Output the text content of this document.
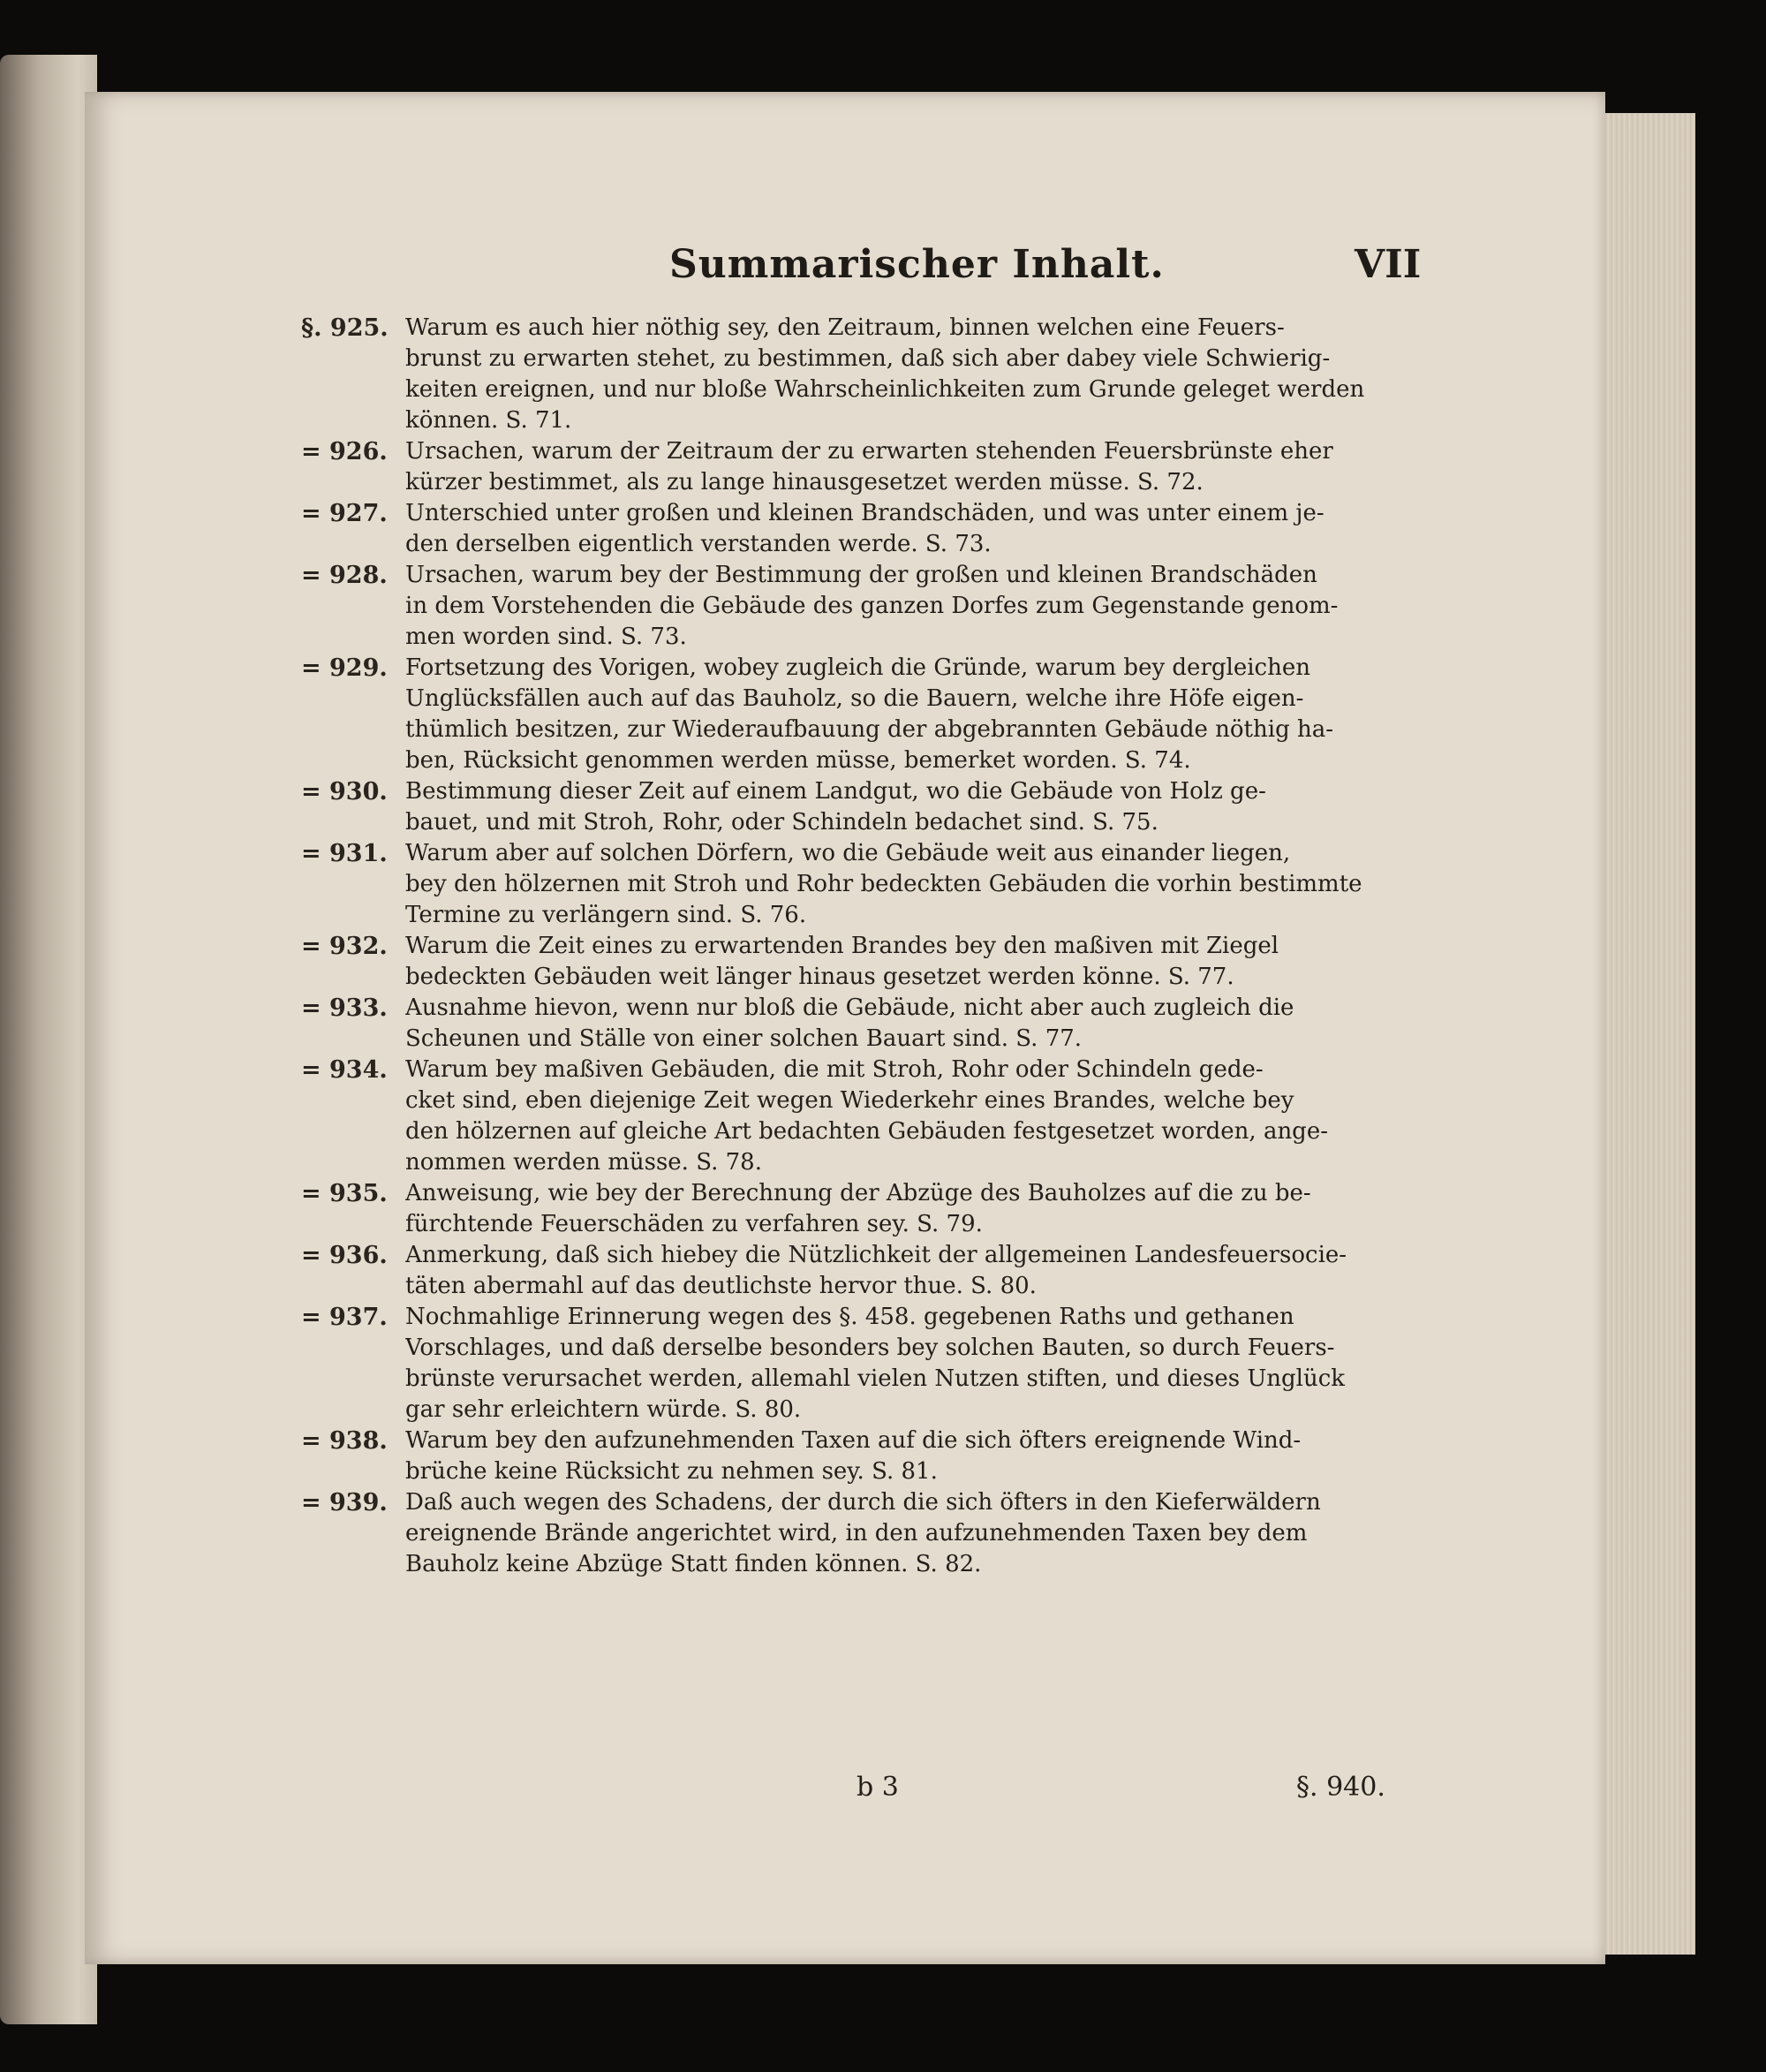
Summarischer Inhalt.	VII
§. 925. Warum es auch hier nöthig sey, den Zeitraum, binnen welchen eine Feuers-
brunst zu erwarten stehet, zu bestimmen, daß sich aber dabey viele Schwierig-
keiten ereignen, und nur bloße Wahrscheinlichkeiten zum Grunde geleget werden
können. S. 71.
= 926. Ursachen, warum der Zeitraum der zu erwarten stehenden Feuersbrünste eher
kürzer bestimmet, als zu lange hinausgesetzet werden müsse. S. 72.
= 927. Unterschied unter großen und kleinen Brandschäden, und was unter einem je-
den derselben eigentlich verstanden werde. S. 73.
= 928. Ursachen, warum bey der Bestimmung der großen und kleinen Brandschäden
in dem Vorstehenden die Gebäude des ganzen Dorfes zum Gegenstande genom-
men worden sind. S. 73.
= 929. Fortsetzung des Vorigen, wobey zugleich die Gründe, warum bey dergleichen
Unglücksfällen auch auf das Bauholz, so die Bauern, welche ihre Höfe eigen-
thümlich besitzen, zur Wiederaufbauung der abgebrannten Gebäude nöthig ha-
ben, Rücksicht genommen werden müsse, bemerket worden. S. 74.
= 930. Bestimmung dieser Zeit auf einem Landgut, wo die Gebäude von Holz ge-
bauet, und mit Stroh, Rohr, oder Schindeln bedachet sind. S. 75.
= 931. Warum aber auf solchen Dörfern, wo die Gebäude weit aus einander liegen,
bey den hölzernen mit Stroh und Rohr bedeckten Gebäuden die vorhin bestimmte
Termine zu verlängern sind. S. 76.
= 932. Warum die Zeit eines zu erwartenden Brandes bey den maßiven mit Ziegel
bedeckten Gebäuden weit länger hinaus gesetzet werden könne. S. 77.
= 933. Ausnahme hievon, wenn nur bloß die Gebäude, nicht aber auch zugleich die
Scheunen und Ställe von einer solchen Bauart sind. S. 77.
= 934. Warum bey maßiven Gebäuden, die mit Stroh, Rohr oder Schindeln gede-
cket sind, eben diejenige Zeit wegen Wiederkehr eines Brandes, welche bey
den hölzernen auf gleiche Art bedachten Gebäuden festgesetzet worden, ange-
nommen werden müsse. S. 78.
= 935. Anweisung, wie bey der Berechnung der Abzüge des Bauholzes auf die zu be-
fürchtende Feuerschäden zu verfahren sey. S. 79.
= 936. Anmerkung, daß sich hiebey die Nützlichkeit der allgemeinen Landesfeuersocie-
täten abermahl auf das deutlichste hervor thue. S. 80.
= 937. Nochmahlige Erinnerung wegen des §. 458. gegebenen Raths und gethanen
Vorschlages, und daß derselbe besonders bey solchen Bauten, so durch Feuers-
brünste verursachet werden, allemahl vielen Nutzen stiften, und dieses Unglück
gar sehr erleichtern würde. S. 80.
= 938. Warum bey den aufzunehmenden Taxen auf die sich öfters ereignende Wind-
brüche keine Rücksicht zu nehmen sey. S. 81.
= 939. Daß auch wegen des Schadens, der durch die sich öfters in den Kieferwäldern
ereignende Brände angerichtet wird, in den aufzunehmenden Taxen bey dem
Bauholz keine Abzüge Statt finden können. S. 82.
b 3	§. 940.
